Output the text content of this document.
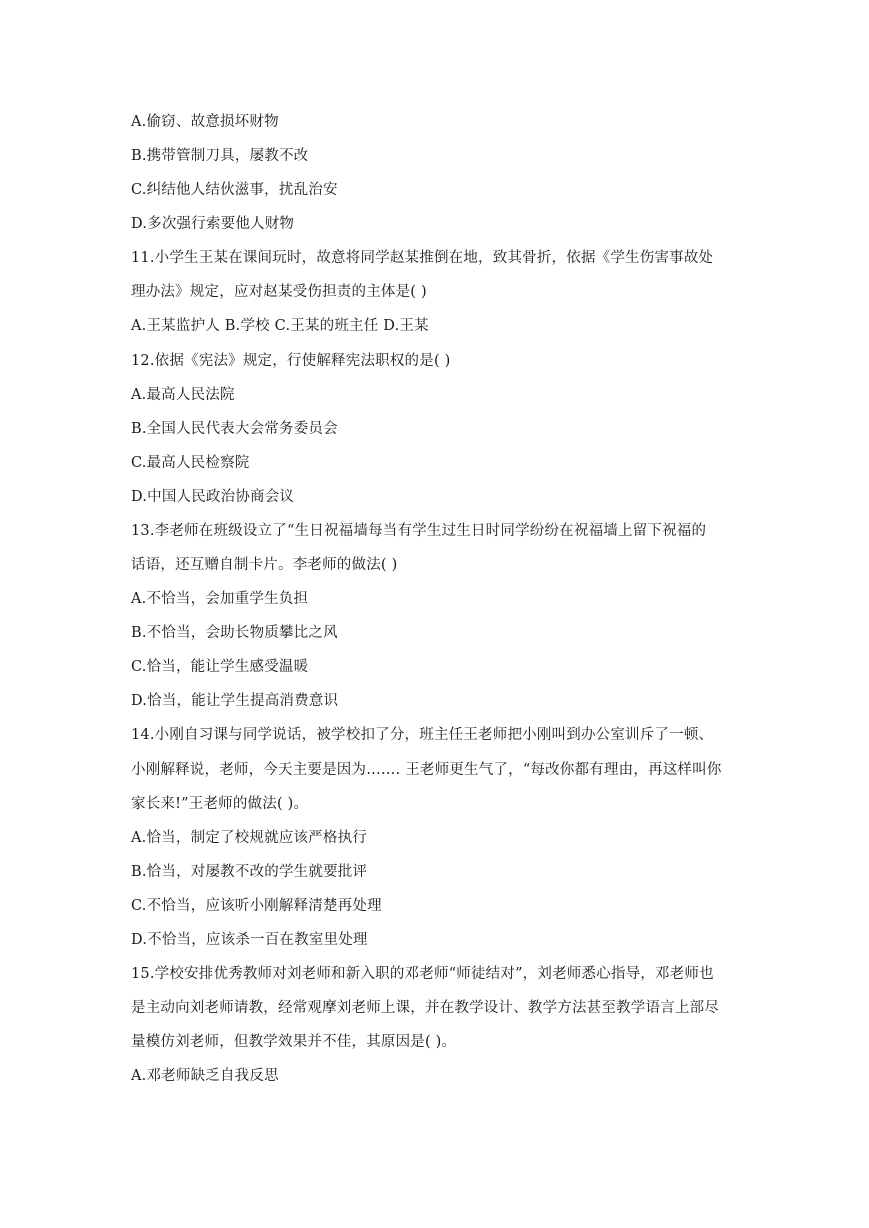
A.偷窃、故意损坏财物
B.携带管制刀具，屡教不改
C.纠结他人结伙滋事，扰乱治安
D.多次强行索要他人财物
11.小学生王某在课间玩时，故意将同学赵某推倒在地，致其骨折，依据《学生伤害事故处
理办法》规定，应对赵某受伤担责的主体是( )
A.王某监护人 B.学校 C.王某的班主任 D.王某
12.依据《宪法》规定，行使解释宪法职权的是( )
A.最高人民法院
B.全国人民代表大会常务委员会
C.最高人民检察院
D.中国人民政治协商会议
13.李老师在班级设立了“生日祝福墙每当有学生过生日时同学纷纷在祝福墙上留下祝福的
话语，还互赠自制卡片。李老师的做法( )
A.不恰当，会加重学生负担
B.不恰当，会助长物质攀比之风
C.恰当，能让学生感受温暖
D.恰当，能让学生提高消费意识
14.小刚自习课与同学说话，被学校扣了分，班主任王老师把小刚叫到办公室训斥了一顿、
小刚解释说，老师，今天主要是因为……. 王老师更生气了，“每改你都有理由，再这样叫你
家长来!”王老师的做法( )。
A.恰当，制定了校规就应该严格执行
B.恰当，对屡教不改的学生就要批评
C.不恰当，应该听小刚解释清楚再处理
D.不恰当，应该杀一百在教室里处理
15.学校安排优秀教师对刘老师和新入职的邓老师“师徒结对”，刘老师悉心指导，邓老师也
是主动向刘老师请教，经常观摩刘老师上课，并在教学设计、教学方法甚至教学语言上部尽
量模仿刘老师，但教学效果并不佳，其原因是( )。
A.邓老师缺乏自我反思
